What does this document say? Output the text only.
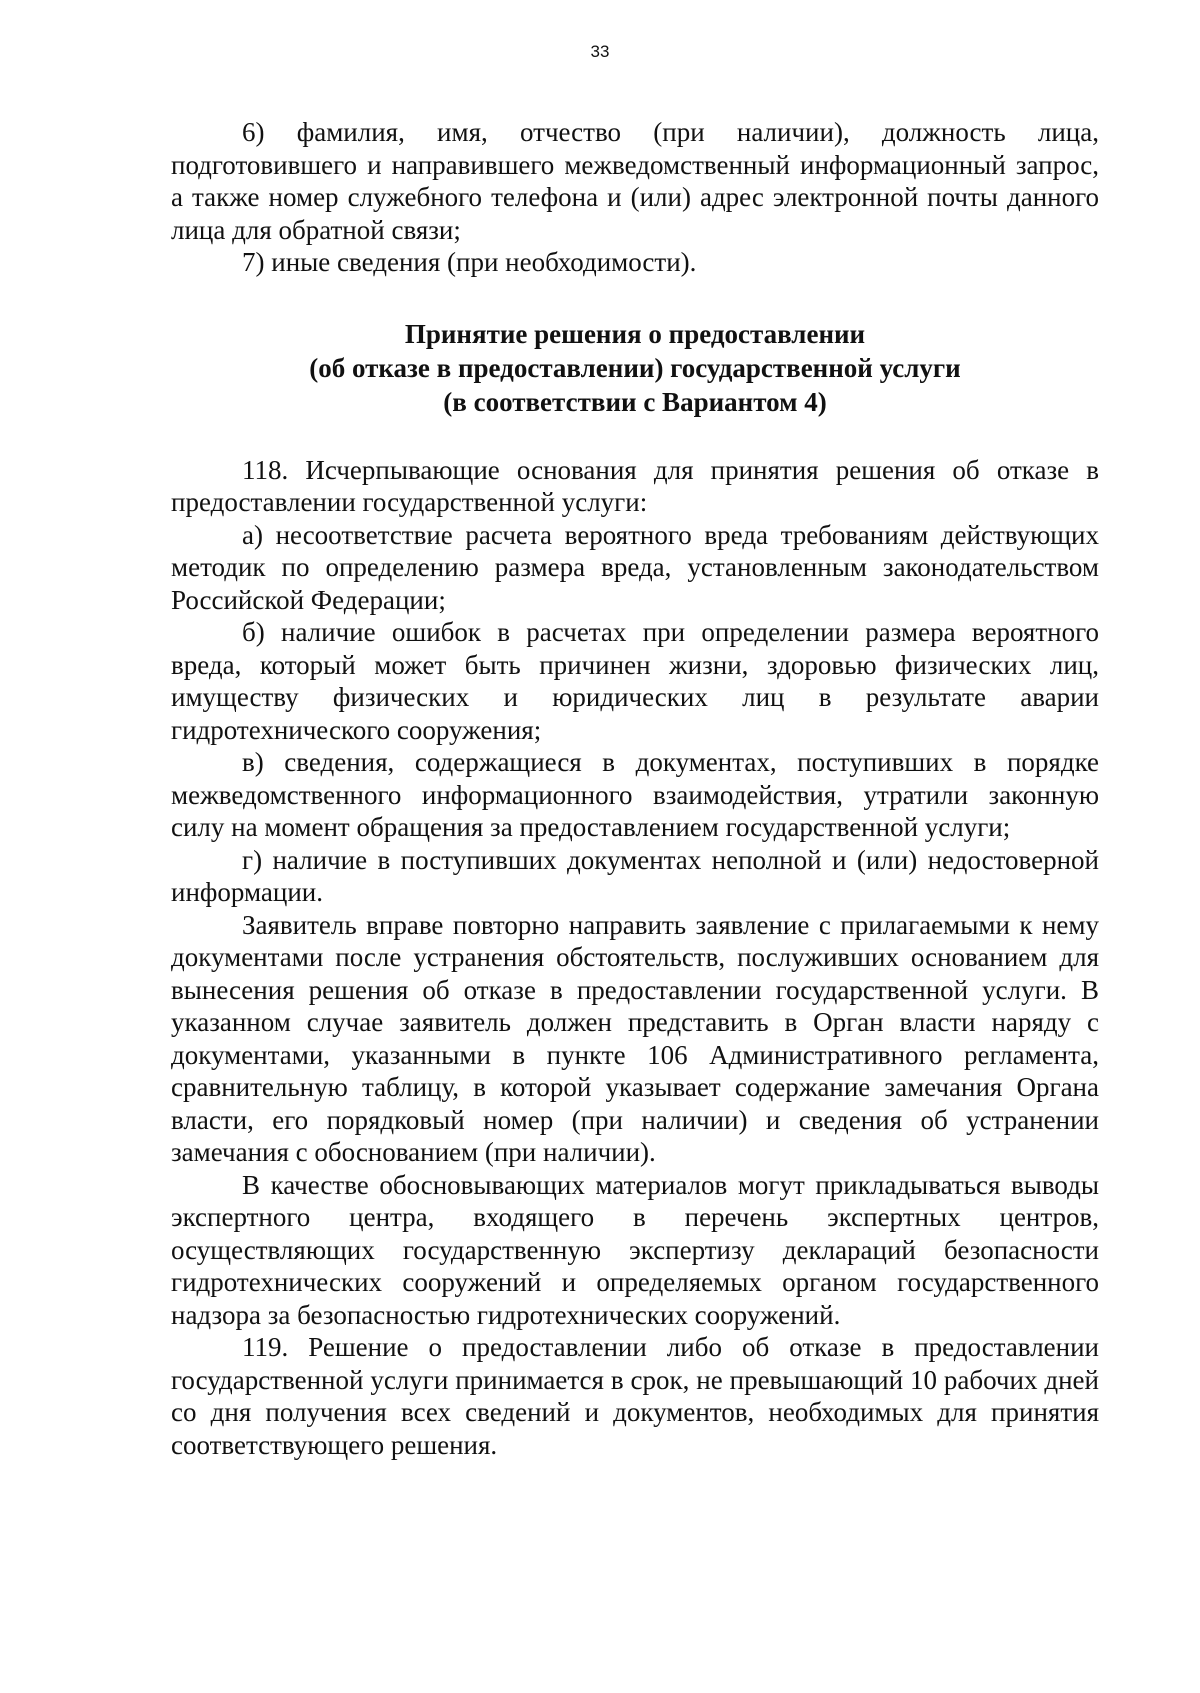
33

6) фамилия, имя, отчество (при наличии), должность лица, подготовившего и направившего межведомственный информационный запрос, а также номер служебного телефона и (или) адрес электронной почты данного лица для обратной связи;

7) иные сведения (при необходимости).

Принятие решения о предоставлении
(об отказе в предоставлении) государственной услуги
(в соответствии с Вариантом 4)

118. Исчерпывающие основания для принятия решения об отказе в предоставлении государственной услуги:

а) несоответствие расчета вероятного вреда требованиям действующих методик по определению размера вреда, установленным законодательством Российской Федерации;

б) наличие ошибок в расчетах при определении размера вероятного вреда, который может быть причинен жизни, здоровью физических лиц, имуществу физических и юридических лиц в результате аварии гидротехнического сооружения;

в) сведения, содержащиеся в документах, поступивших в порядке межведомственного информационного взаимодействия, утратили законную силу на момент обращения за предоставлением государственной услуги;

г) наличие в поступивших документах неполной и (или) недостоверной информации.

Заявитель вправе повторно направить заявление с прилагаемыми к нему документами после устранения обстоятельств, послуживших основанием для вынесения решения об отказе в предоставлении государственной услуги. В указанном случае заявитель должен представить в Орган власти наряду с документами, указанными в пункте 106 Административного регламента, сравнительную таблицу, в которой указывает содержание замечания Органа власти, его порядковый номер (при наличии) и сведения об устранении замечания с обоснованием (при наличии).

В качестве обосновывающих материалов могут прикладываться выводы экспертного центра, входящего в перечень экспертных центров, осуществляющих государственную экспертизу деклараций безопасности гидротехнических сооружений и определяемых органом государственного надзора за безопасностью гидротехнических сооружений.

119. Решение о предоставлении либо об отказе в предоставлении государственной услуги принимается в срок, не превышающий 10 рабочих дней со дня получения всех сведений и документов, необходимых для принятия соответствующего решения.
